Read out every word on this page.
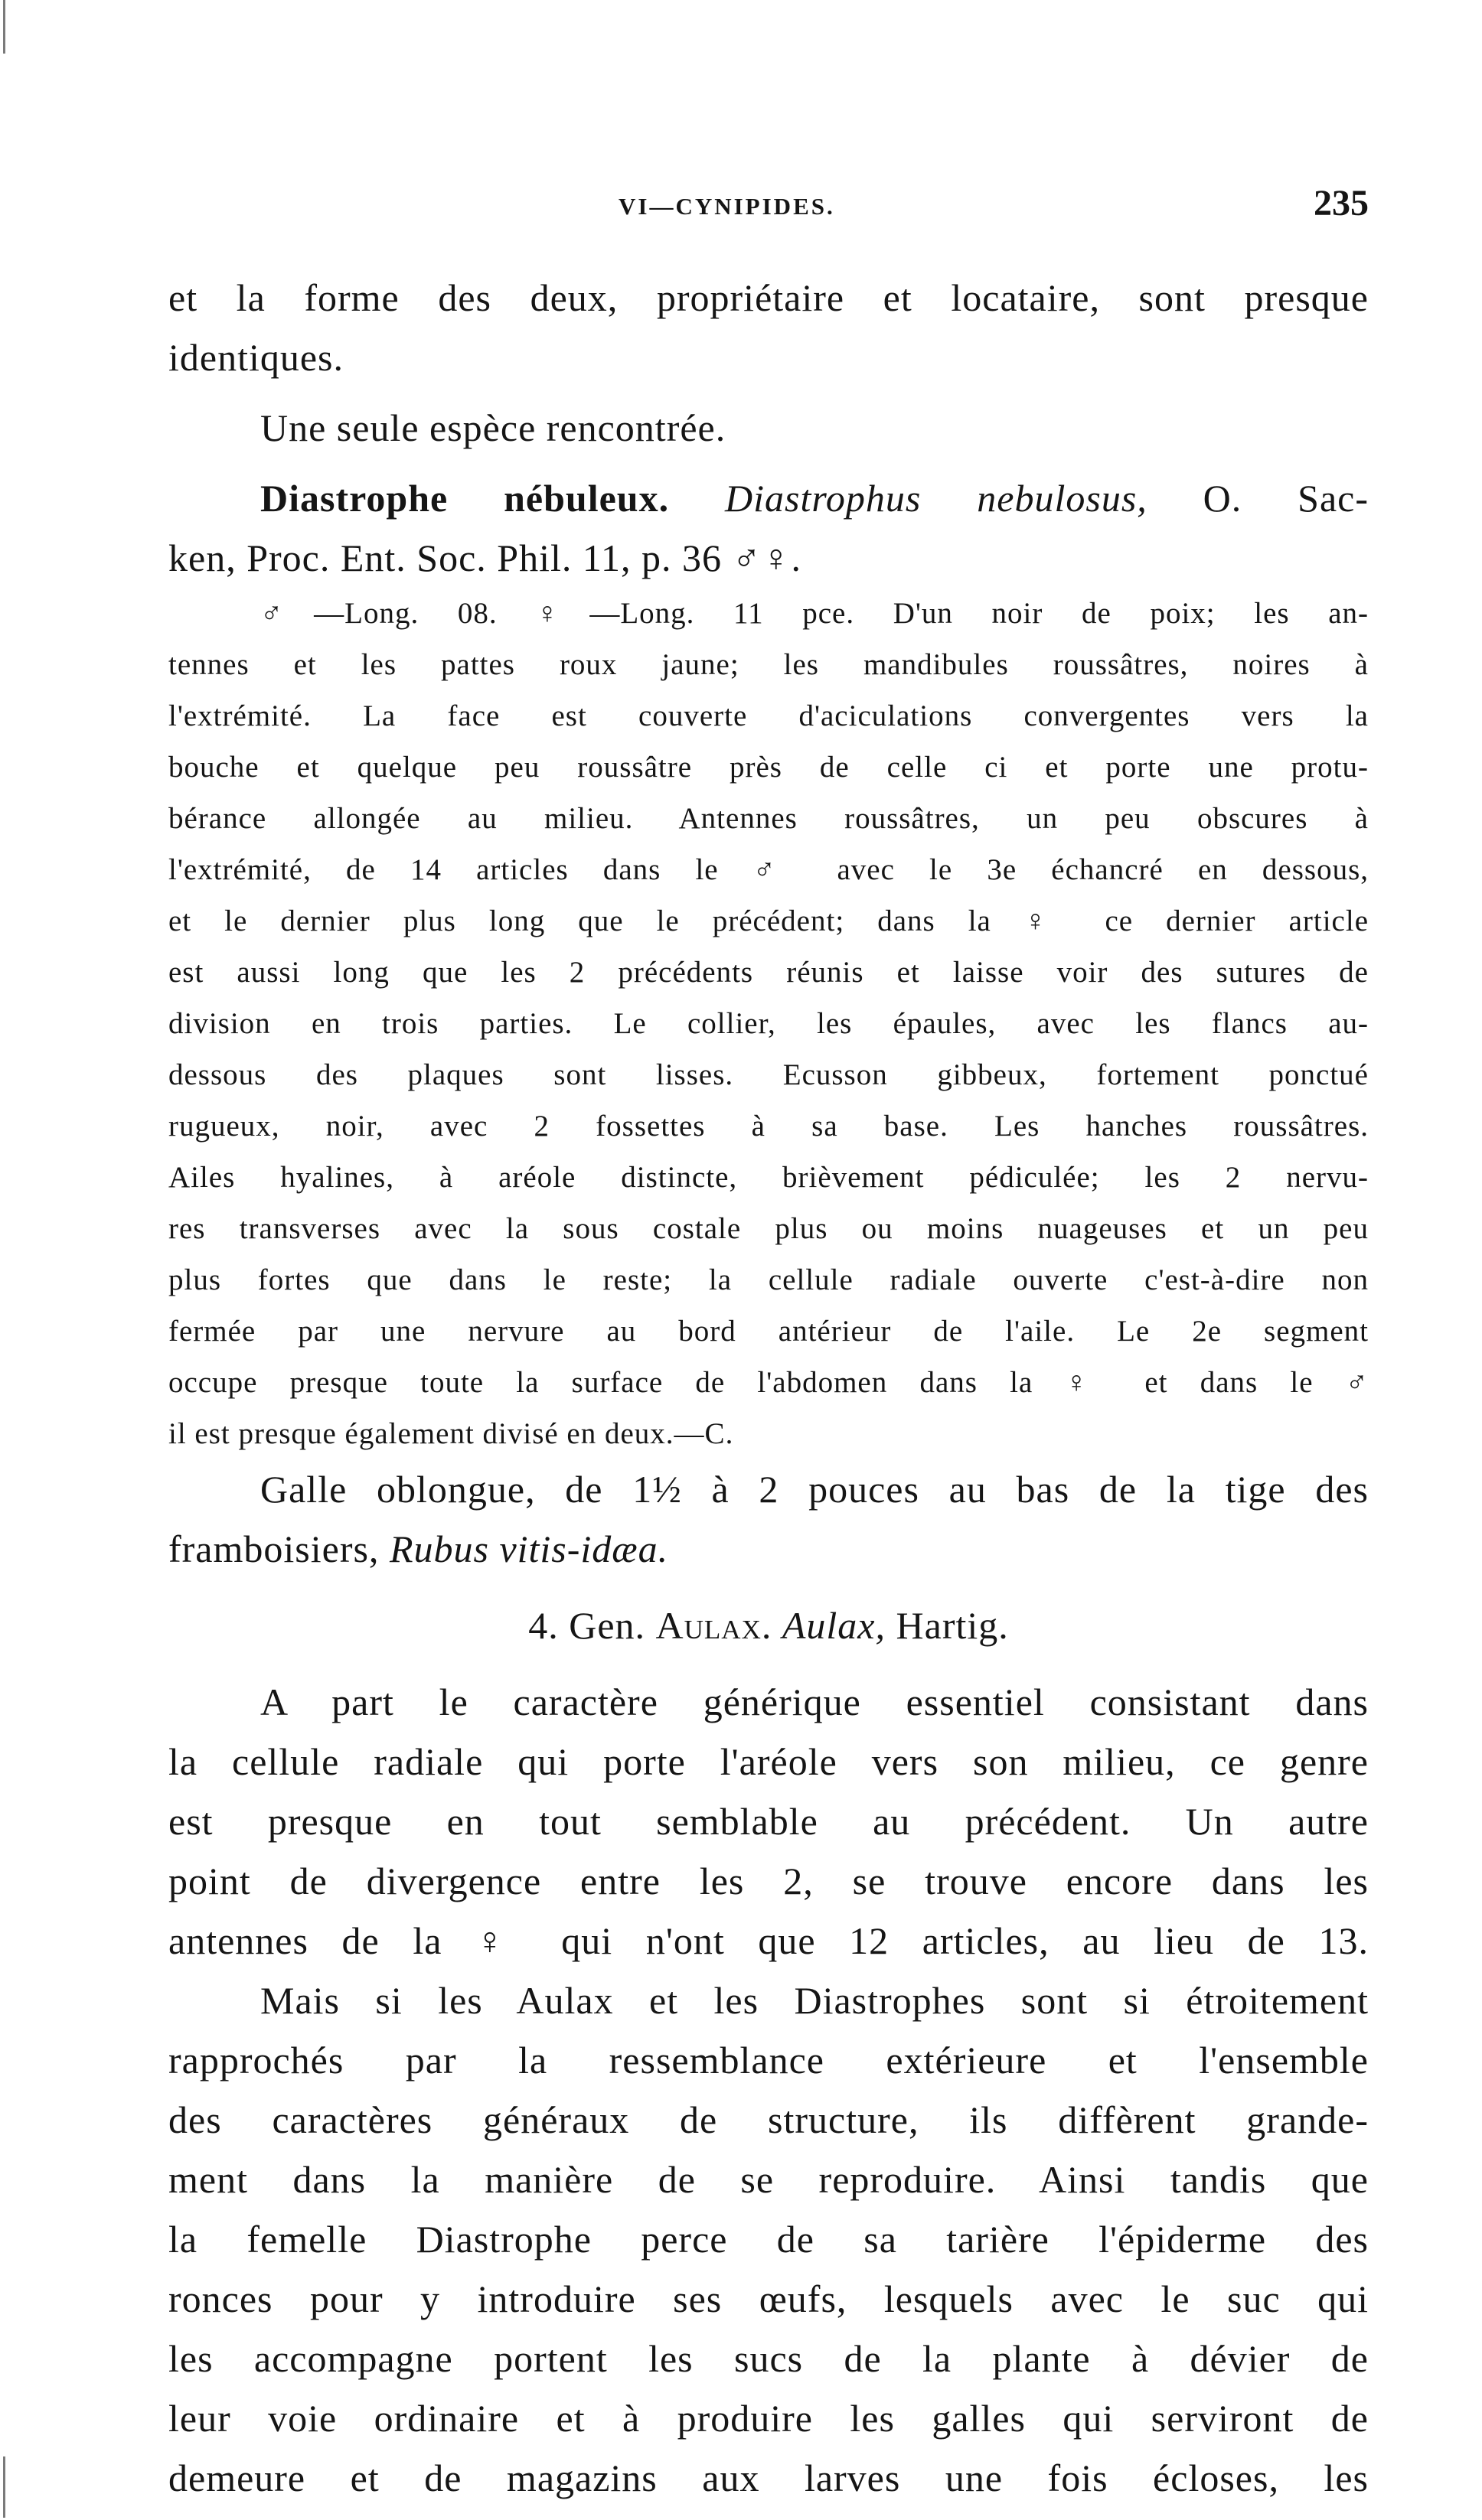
VI—CYNIPIDES.	235
et la forme des deux, propriétaire et locataire, sont presque
identiques.
Une seule espèce rencontrée.
Diastrophe nébuleux. Diastrophus nebulosus, O. Sac-
ken, Proc. Ent. Soc. Phil. 11, p. 36 ♂♀.
♂—Long. 08. ♀—Long. 11 pce. D'un noir de poix; les an-
tennes et les pattes roux jaune; les mandibules roussâtres, noires à
l'extrémité. La face est couverte d'aciculations convergentes vers la
bouche et quelque peu roussâtre près de celle ci et porte une protu-
bérance allongée au milieu. Antennes roussâtres, un peu obscures à
l'extrémité, de 14 articles dans le ♂ avec le 3e échancré en dessous,
et le dernier plus long que le précédent; dans la ♀ ce dernier article
est aussi long que les 2 précédents réunis et laisse voir des sutures de
division en trois parties. Le collier, les épaules, avec les flancs au-
dessous des plaques sont lisses. Ecusson gibbeux, fortement ponctué
rugueux, noir, avec 2 fossettes à sa base. Les hanches roussâtres.
Ailes hyalines, à aréole distincte, brièvement pédiculée; les 2 nervu-
res transverses avec la sous costale plus ou moins nuageuses et un peu
plus fortes que dans le reste; la cellule radiale ouverte c'est-à-dire non
fermée par une nervure au bord antérieur de l'aile. Le 2e segment
occupe presque toute la surface de l'abdomen dans la ♀ et dans le ♂
il est presque également divisé en deux.—C.
Galle oblongue, de 1½ à 2 pouces au bas de la tige des
framboisiers, Rubus vitis-idæa.
4. Gen. Aulax. Aulax, Hartig.
A part le caractère générique essentiel consistant dans
la cellule radiale qui porte l'aréole vers son milieu, ce genre
est presque en tout semblable au précédent. Un autre
point de divergence entre les 2, se trouve encore dans les
antennes de la ♀ qui n'ont que 12 articles, au lieu de 13.
Mais si les Aulax et les Diastrophes sont si étroitement
rapprochés par la ressemblance extérieure et l'ensemble
des caractères généraux de structure, ils diffèrent grande-
ment dans la manière de se reproduire. Ainsi tandis que
la femelle Diastrophe perce de sa tarière l'épiderme des
ronces pour y introduire ses œufs, lesquels avec le suc qui
les accompagne portent les sucs de la plante à dévier de
leur voie ordinaire et à produire les galles qui serviront de
demeure et de magazins aux larves une fois écloses, les
